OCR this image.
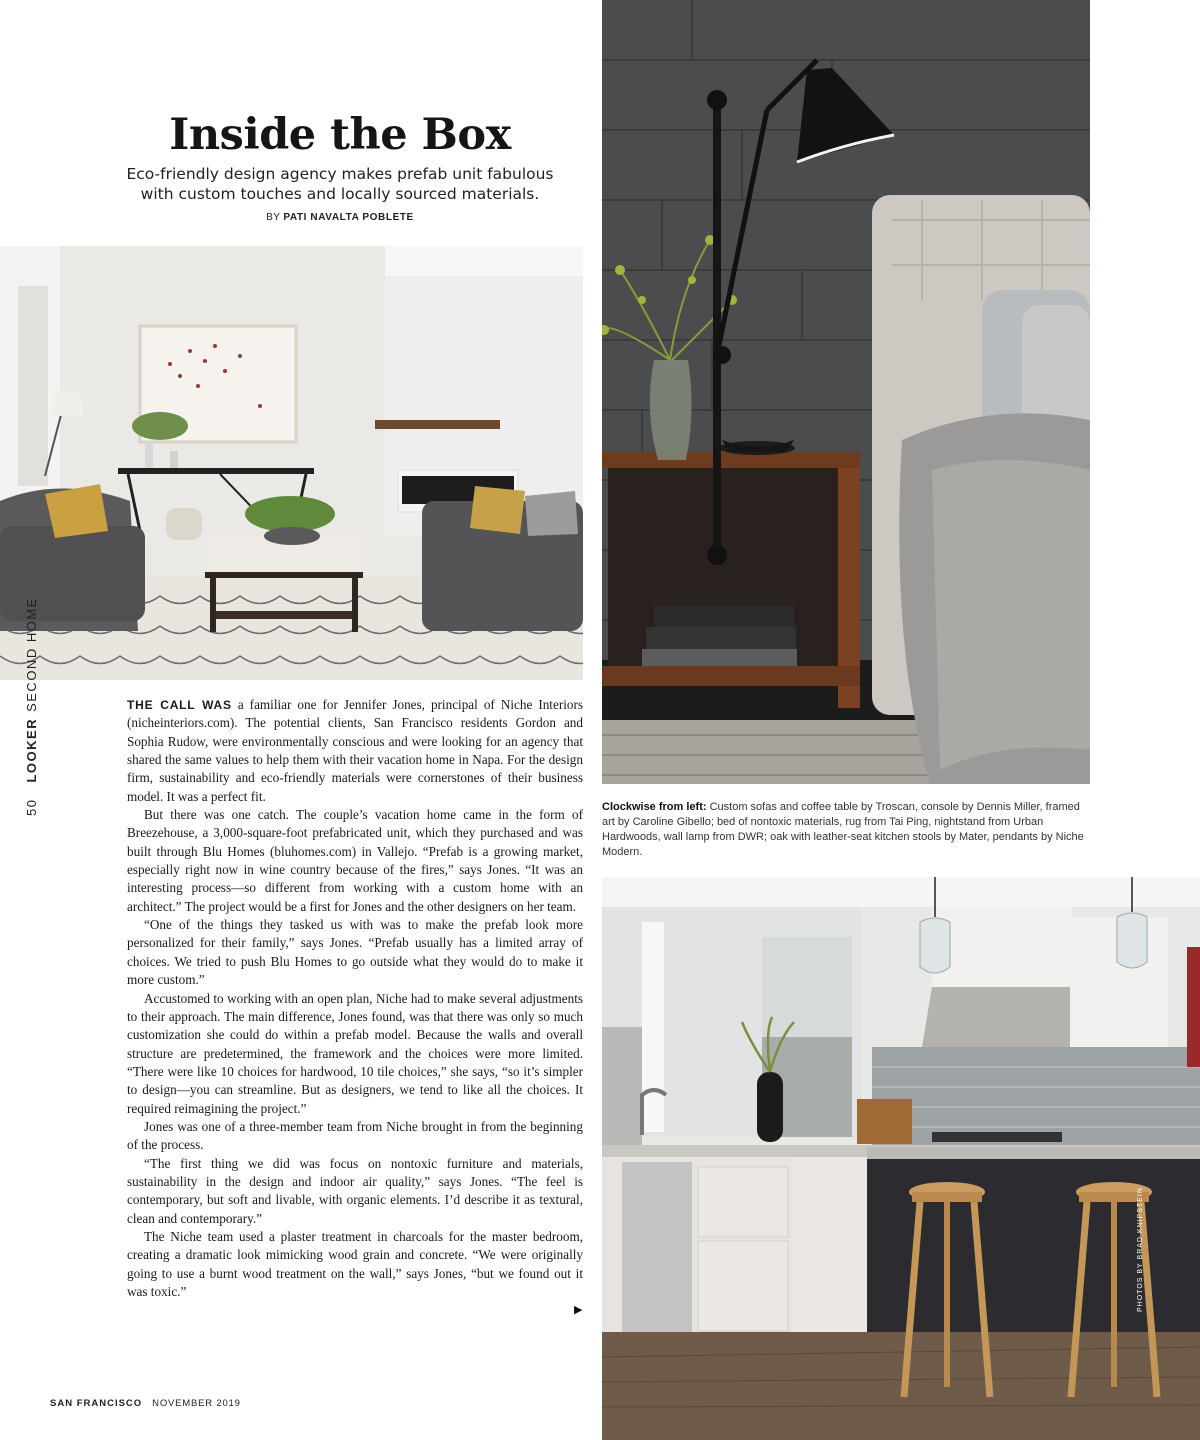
Inside the Box
Eco-friendly design agency makes prefab unit fabulous
with custom touches and locally sourced materials.
BY PATI NAVALTA POBLETE

THE CALL WAS a familiar one for Jennifer Jones, principal of Niche Interiors (nicheinteriors.com). The potential clients, San Francisco residents Gordon and Sophia Rudow, were environmentally conscious and were looking for an agency that shared the same values to help them with their vacation home in Napa. For the design firm, sustainability and eco-friendly materials were cornerstones of their business model. It was a perfect fit.

But there was one catch. The couple’s vacation home came in the form of Breezehouse, a 3,000-square-foot prefabricated unit, which they purchased and was built through Blu Homes (bluhomes.com) in Vallejo. “Prefab is a growing market, especially right now in wine country because of the fires,” says Jones. “It was an interesting process—so different from working with a custom home with an architect.” The project would be a first for Jones and the other designers on her team.

“One of the things they tasked us with was to make the prefab look more personalized for their family,” says Jones. “Prefab usually has a limited array of choices. We tried to push Blu Homes to go outside what they would do to make it more custom.”

Accustomed to working with an open plan, Niche had to make several adjustments to their approach. The main difference, Jones found, was that there was only so much customization she could do within a prefab model. Because the walls and overall structure are predetermined, the framework and the choices were more limited. “There were like 10 choices for hardwood, 10 tile choices,” she says, “so it’s simpler to design—you can streamline. But as designers, we tend to like all the choices. It required reimagining the project.”

Jones was one of a three-member team from Niche brought in from the beginning of the process.

“The first thing we did was focus on nontoxic furniture and materials, sustainability in the design and indoor air quality,” says Jones. “The feel is contemporary, but soft and livable, with organic elements. I’d describe it as textural, clean and contemporary.”

The Niche team used a plaster treatment in charcoals for the master bedroom, creating a dramatic look mimicking wood grain and concrete. “We were originally going to use a burnt wood treatment on the wall,” says Jones, “but we found out it was toxic.”

▶
50LOOKERSECOND HOME
Clockwise from left: Custom sofas and coffee table by Troscan, console by Dennis Miller, framed art by Caroline Gibello; bed of nontoxic materials, rug from Tai Ping, nightstand from Urban Hardwoods, wall lamp from DWR; oak with leather-seat kitchen stools by Mater, pendants by Niche Modern.
PHOTOS BY BRAD KNIPSTEIN
SAN FRANCISCO NOVEMBER 2019
